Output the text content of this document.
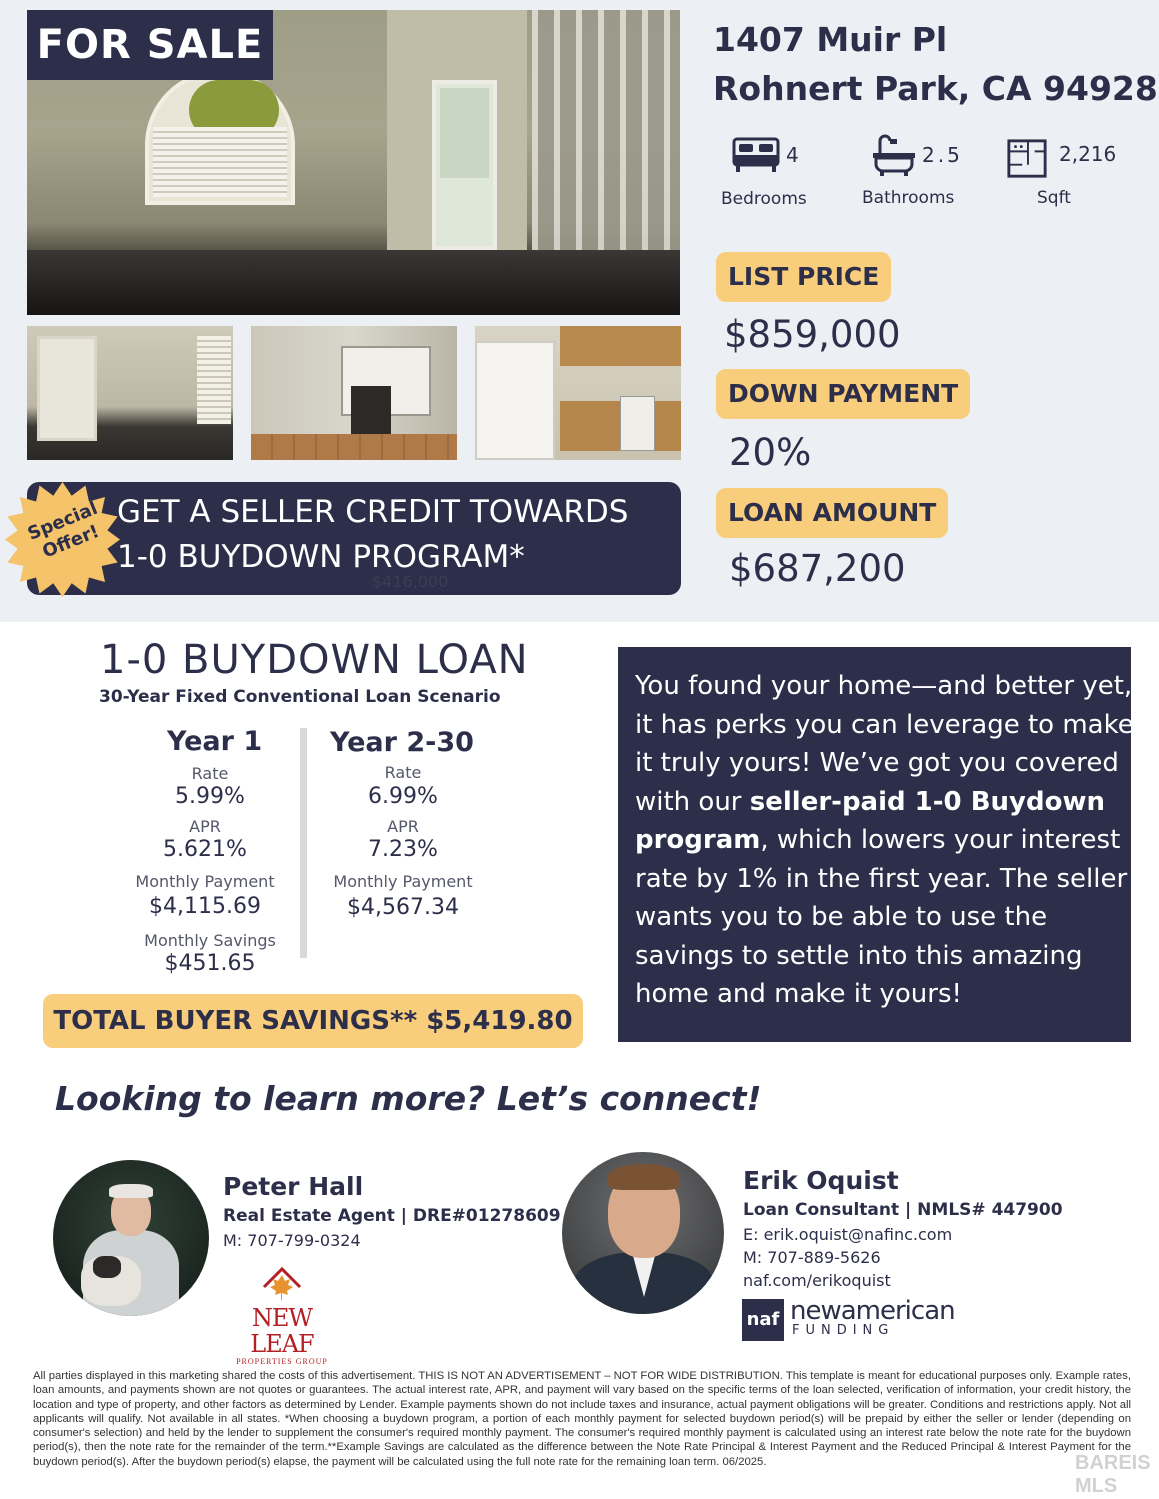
FOR SALE
GET A SELLER CREDIT TOWARDS
1-0 BUYDOWN PROGRAM*
$416,000
Special Offer!
1407 Muir Pl
Rohnert Park, CA 94928
4
Bedrooms
2.5
Bathrooms
2,216
Sqft
LIST PRICE
$859,000
DOWN PAYMENT
20%
LOAN AMOUNT
$687,200
1-0 BUYDOWN LOAN
30-Year Fixed Conventional Loan Scenario
Year 1
Rate
5.99%
APR
5.621%
Monthly Payment
$4,115.69
Monthly Savings
$451.65
Year 2-30
Rate
6.99%
APR
7.23%
Monthly Payment
$4,567.34
TOTAL BUYER SAVINGS** $5,419.80
You found your home—and better yet, it has perks you can leverage to make it truly yours! We’ve got you covered with our seller-paid 1-0 Buydown program, which lowers your interest rate by 1% in the first year. The seller wants you to be able to use the savings to settle into this amazing home and make it yours!
Looking to learn more? Let’s connect!
Peter Hall
Real Estate Agent | DRE#01278609
M: 707-799-0324
NEW LEAF
PROPERTIES GROUP
Erik Oquist
Loan Consultant | NMLS# 447900
E: erik.oquist@nafinc.com
M: 707-889-5626
naf.com/erikoquist
naf newamerican
FUNDING
All parties displayed in this marketing shared the costs of this advertisement. THIS IS NOT AN ADVERTISEMENT – NOT FOR WIDE DISTRIBUTION. This template is meant for educational purposes only. Example rates, loan amounts, and payments shown are not quotes or guarantees. The actual interest rate, APR, and payment will vary based on the specific terms of the loan selected, verification of information, your credit history, the location and type of property, and other factors as determined by Lender. Example payments shown do not include taxes and insurance, actual payment obligations will be greater. Conditions and restrictions apply. Not all applicants will qualify. Not available in all states. *When choosing a buydown program, a portion of each monthly payment for selected buydown period(s) will be prepaid by either the seller or lender (depending on consumer's selection) and held by the lender to supplement the consumer's required monthly payment. The consumer's required monthly payment is calculated using an interest rate below the note rate for the buydown period(s), then the note rate for the remainder of the term.**Example Savings are calculated as the difference between the Note Rate Principal & Interest Payment and the Reduced Principal & Interest Payment for the buydown period(s). After the buydown period(s) elapse, the payment will be calculated using the full note rate for the remaining loan term. 06/2025.	BAREIS MLS
